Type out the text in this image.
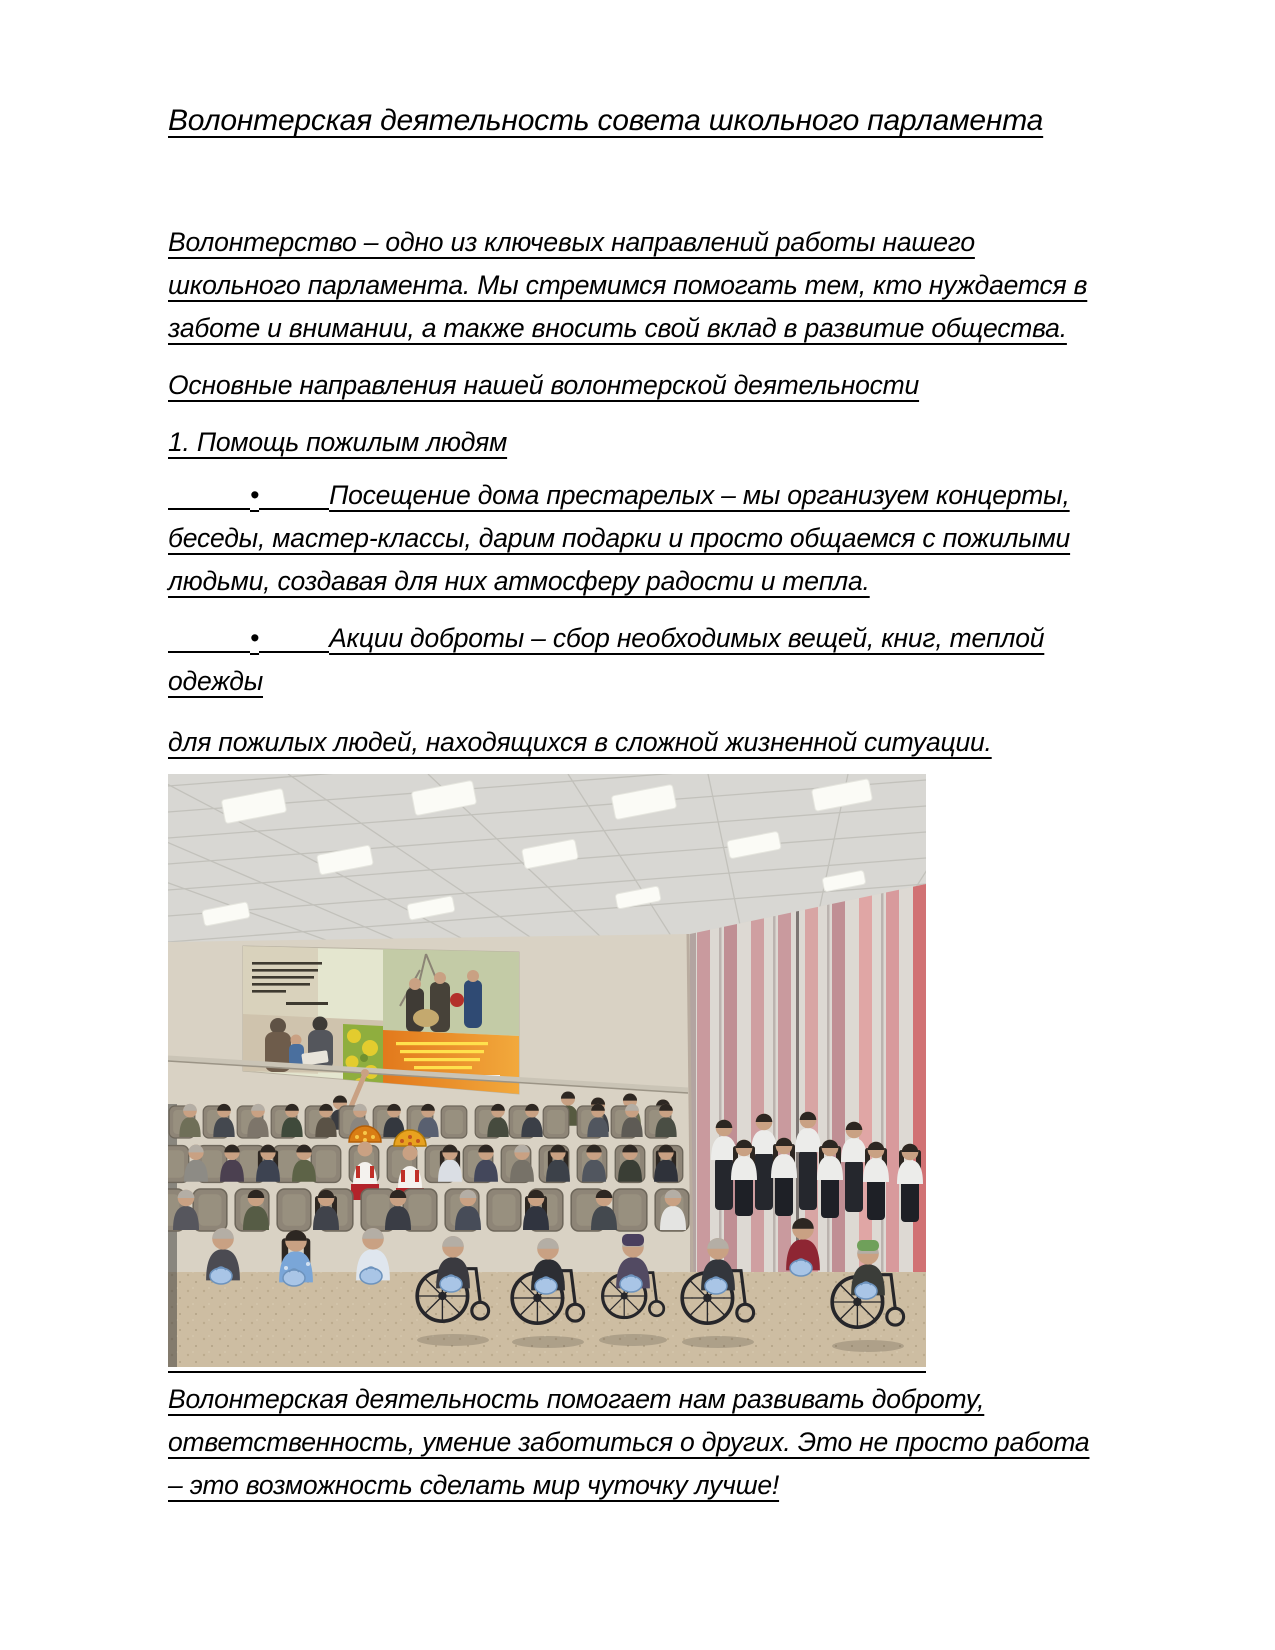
Волонтерская деятельность совета школьного парламента

Волонтерство – одно из ключевых направлений работы нашего школьного парламента. Мы стремимся помогать тем, кто нуждается в заботе и внимании, а также вносить свой вклад в развитие общества.

Основные направления нашей волонтерской деятельности

1. Помощь пожилым людям

•	Посещение дома престарелых – мы организуем концерты, беседы, мастер-классы, дарим подарки и просто общаемся с пожилыми людьми, создавая для них атмосферу радости и тепла.

•	Акции доброты – сбор необходимых вещей, книг, теплой одежды

для пожилых людей, находящихся в сложной жизненной ситуации.

Волонтерская деятельность помогает нам развивать доброту, ответственность, умение заботиться о других. Это не просто работа – это возможность сделать мир чуточку лучше!
